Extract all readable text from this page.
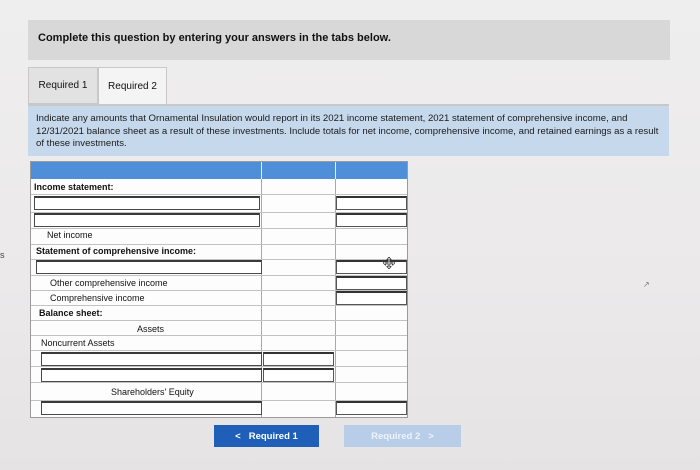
s
Complete this question by entering your answers in the tabs below.
Required 1	Required 2
Indicate any amounts that Ornamental Insulation would report in its 2021 income statement, 2021 statement of comprehensive income, and 12/31/2021 balance sheet as a result of these investments. Include totals for net income, comprehensive income, and retained earnings as a result of these investments.
Income statement:
Net income
Statement of comprehensive income:
Other comprehensive income
Comprehensive income
Balance sheet:
Assets
Noncurrent Assets
Shareholders' Equity
< Required 1	Required 2 >
↗
